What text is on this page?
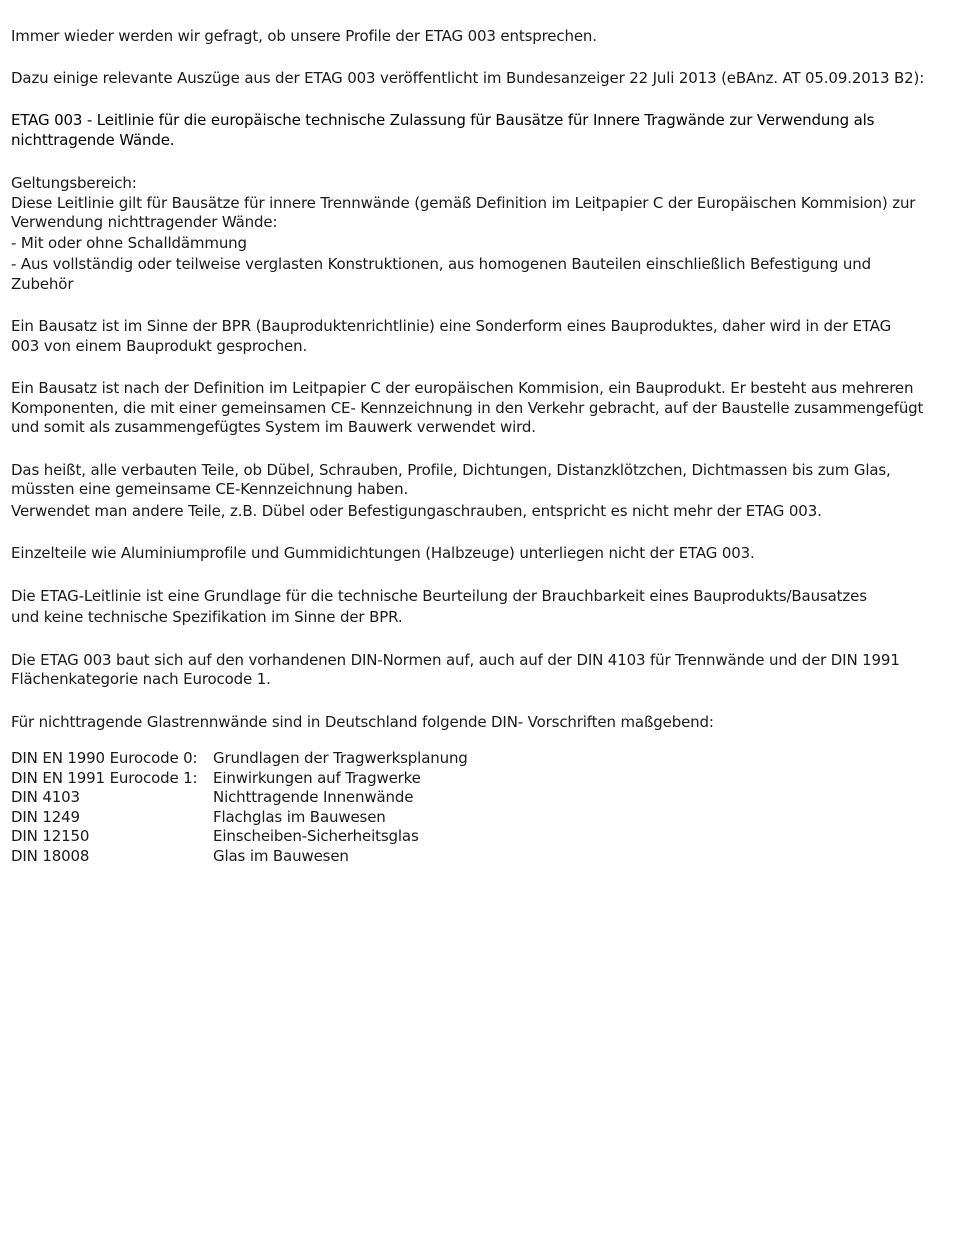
Immer wieder werden wir gefragt, ob unsere Profile der ETAG 003 entsprechen.

Dazu einige relevante Auszüge aus der ETAG 003 veröffentlicht im Bundesanzeiger 22 Juli 2013 (eBAnz. AT 05.09.2013 B2):

ETAG 003 - Leitlinie für die europäische technische Zulassung für Bausätze für Innere Tragwände zur Verwendung als
nichttragende Wände.

Geltungsbereich:
Diese Leitlinie gilt für Bausätze für innere Trennwände (gemäß Definition im Leitpapier C der Europäischen Kommision) zur
Verwendung nichttragender Wände:
- Mit oder ohne Schalldämmung
- Aus vollständig oder teilweise verglasten Konstruktionen, aus homogenen Bauteilen einschließlich Befestigung und
Zubehör

Ein Bausatz ist im Sinne der BPR (Bauproduktenrichtlinie) eine Sonderform eines Bauproduktes, daher wird in der ETAG
003 von einem Bauprodukt gesprochen.

Ein Bausatz ist nach der Definition im Leitpapier C der europäischen Kommision, ein Bauprodukt. Er besteht aus mehreren
Komponenten, die mit einer gemeinsamen CE- Kennzeichnung in den Verkehr gebracht, auf der Baustelle zusammengefügt
und somit als zusammengefügtes System im Bauwerk verwendet wird.

Das heißt, alle verbauten Teile, ob Dübel, Schrauben, Profile, Dichtungen, Distanzklötzchen, Dichtmassen bis zum Glas,
müssten eine gemeinsame CE-Kennzeichnung haben.
Verwendet man andere Teile, z.B. Dübel oder Befestigungaschrauben, entspricht es nicht mehr der ETAG 003.

Einzelteile wie Aluminiumprofile und Gummidichtungen (Halbzeuge) unterliegen nicht der ETAG 003.

Die ETAG-Leitlinie ist eine Grundlage für die technische Beurteilung der Brauchbarkeit eines Bauprodukts/Bausatzes
und keine technische Spezifikation im Sinne der BPR.

Die ETAG 003 baut sich auf den vorhandenen DIN-Normen auf, auch auf der DIN 4103 für Trennwände und der DIN 1991
Flächenkategorie nach Eurocode 1.

Für nichttragende Glastrennwände sind in Deutschland folgende DIN- Vorschriften maßgebend:

DIN EN 1990 Eurocode 0:	Grundlagen der Tragwerksplanung
DIN EN 1991 Eurocode 1:	Einwirkungen auf Tragwerke
DIN 4103	Nichttragende Innenwände
DIN 1249	Flachglas im Bauwesen
DIN 12150	Einscheiben-Sicherheitsglas
DIN 18008	Glas im Bauwesen
